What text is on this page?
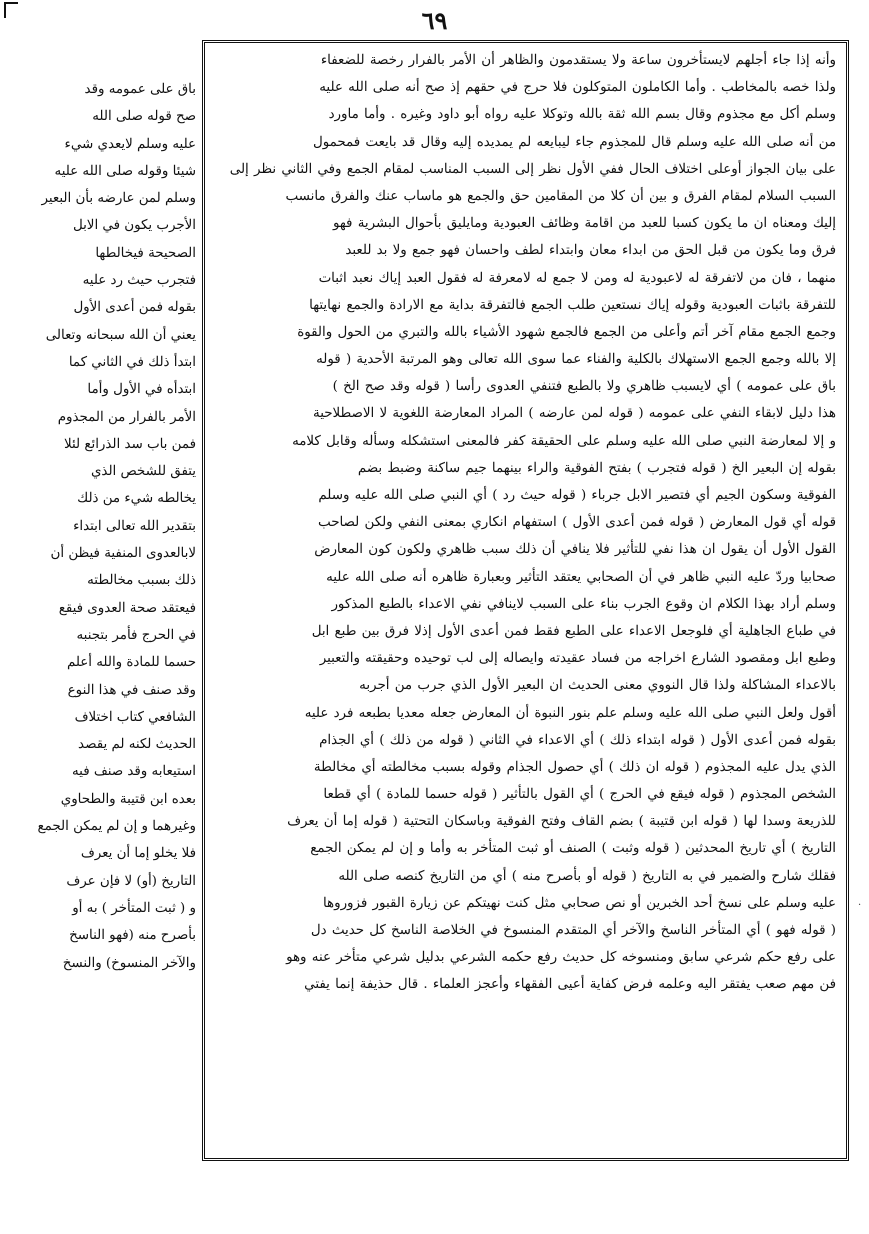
٦٩
باق على عمومه وقد
صح قوله صلى الله
عليه وسلم لايعدي شيء
شيئا وقوله صلى الله عليه
وسلم لمن عارضه بأن البعير
الأجرب يكون في الابل
الصحيحة فيخالطها
فتجرب حيث رد عليه
بقوله فمن أعدى الأول
يعني أن الله سبحانه وتعالى
ابتدأ ذلك في الثاني كما
ابتدأه في الأول وأما
الأمر بالفرار من المجذوم
فمن باب سد الذرائع لئلا
يتفق للشخص الذي
يخالطه شيء من ذلك
بتقدير الله تعالى ابتداء
لابالعدوى المنفية فيظن أن
ذلك بسبب مخالطته
فيعتقد صحة العدوى فيقع
في الحرج فأمر بتجنبه
حسما للمادة والله أعلم
وقد صنف في هذا النوع
الشافعي كتاب اختلاف
الحديث لكنه لم يقصد
استيعابه وقد صنف فيه
بعده ابن قتيبة والطحاوي
وغيرهما و إن لم يمكن الجمع
فلا يخلو إما أن يعرف
التاريخ (أو) لا فإن عرف
و ( ثبت المتأخر ) به أو
بأصرح منه (فهو الناسخ
والآخر المنسوخ) والنسخ
وأنه إذا جاء أجلهم لايستأخرون ساعة ولا يستقدمون والظاهر أن الأمر بالفرار رخصة للضعفاء
ولذا خصه بالمخاطب . وأما الكاملون المتوكلون فلا حرج في حقهم إذ صح أنه صلى الله عليه
وسلم أكل مع مجذوم وقال بسم الله ثقة بالله وتوكلا عليه رواه أبو داود وغيره . وأما ماورد
من أنه صلى الله عليه وسلم قال للمجذوم جاء ليبايعه لم يمديده إليه وقال قد بايعت فمحمول
على بيان الجواز أوعلى اختلاف الحال ففي الأول نظر إلى السبب المناسب لمقام الجمع وفي الثاني نظر إلى
السبب السلام لمقام الفرق و بين أن كلا من المقامين حق والجمع هو ماساب عنك والفرق مانسب
إليك ومعناه ان ما يكون كسبا للعبد من اقامة وظائف العبودية ومايليق بأحوال البشرية فهو
فرق وما يكون من قبل الحق من ابداء معان وابتداء لطف واحسان فهو جمع ولا بد للعبد
منهما ، فان من لاتفرقة له لاعبودية له ومن لا جمع له لامعرفة له فقول العبد إياك نعبد اثبات
للتفرقة باثبات العبودية وقوله إياك نستعين طلب الجمع فالتفرقة بداية مع الارادة والجمع نهايتها
وجمع الجمع مقام آخر أتم وأعلى من الجمع فالجمع شهود الأشياء بالله والتبري من الحول والقوة
إلا بالله وجمع الجمع الاستهلاك بالكلية والفناء عما سوى الله تعالى وهو المرتبة الأحدية ( قوله
باق على عمومه ) أي لايسبب ظاهري ولا بالطبع فتنفي العدوى رأسا ( قوله وقد صح الخ )
هذا دليل لابقاء النفي على عمومه ( قوله لمن عارضه ) المراد المعارضة اللغوية لا الاصطلاحية
و إلا لمعارضة النبي صلى الله عليه وسلم على الحقيقة كفر فالمعنى استشكله وسأله وقابل كلامه
بقوله إن البعير الخ ( قوله فتجرب ) بفتح الفوقية والراء بينهما جيم ساكنة وضبط بضم
الفوقية وسكون الجيم أي فتصير الابل جرباء ( قوله حيث رد ) أي النبي صلى الله عليه وسلم
قوله أي قول المعارض ( قوله فمن أعدى الأول ) استفهام انكاري بمعنى النفي ولكن لصاحب
القول الأول أن يقول ان هذا نفي للتأثير فلا ينافي أن ذلك سبب ظاهري ولكون كون المعارض
صحابيا وردّ عليه النبي ظاهر في أن الصحابي يعتقد التأثير وبعبارة ظاهره أنه صلى الله عليه
وسلم أراد بهذا الكلام ان وقوع الجرب بناء على السبب لاينافي نفي الاعداء بالطبع المذكور
في طباع الجاهلية أي فلوجعل الاعداء على الطبع فقط فمن أعدى الأول إذلا فرق بين طبع ابل
وطبع ابل ومقصود الشارع اخراجه من فساد عقيدته وايصاله إلى لب توحيده وحقيقته والتعبير
بالاعداء المشاكلة ولذا قال النووي معنى الحديث ان البعير الأول الذي جرب من أجربه
أقول ولعل النبي صلى الله عليه وسلم علم بنور النبوة أن المعارض جعله معديا بطبعه فرد عليه
بقوله فمن أعدى الأول ( قوله ابتداء ذلك ) أي الاعداء في الثاني ( قوله من ذلك ) أي الجذام
الذي يدل عليه المجذوم ( قوله ان ذلك ) أي حصول الجذام وقوله بسبب مخالطته أي مخالطة
الشخص المجذوم ( قوله فيقع في الحرج ) أي القول بالتأثير ( قوله حسما للمادة ) أي قطعا
للذريعة وسدا لها ( قوله ابن قتيبة ) بضم القاف وفتح الفوقية وباسكان التحتية ( قوله إما أن يعرف
التاريخ ) أي تاريخ المحدثين ( قوله وثبت ) الصنف أو ثبت المتأخر به وأما و إن لم يمكن الجمع
فقلك شارح والضمير في به التاريخ ( قوله أو بأصرح منه ) أي من التاريخ كنصه صلى الله
عليه وسلم على نسخ أحد الخبرين أو نص صحابي مثل كنت نهيتكم عن زيارة القبور فزوروها
( قوله فهو ) أي المتأخر الناسخ والآخر أي المتقدم المنسوخ في الخلاصة الناسخ كل حديث دل
على رفع حكم شرعي سابق ومنسوخه كل حديث رفع حكمه الشرعي بدليل شرعي متأخر عنه وهو
فن مهم صعب يفتقر اليه وعلمه فرض كفاية أعيى الفقهاء وأعجز العلماء . قال حذيفة إنما يفتي
·
